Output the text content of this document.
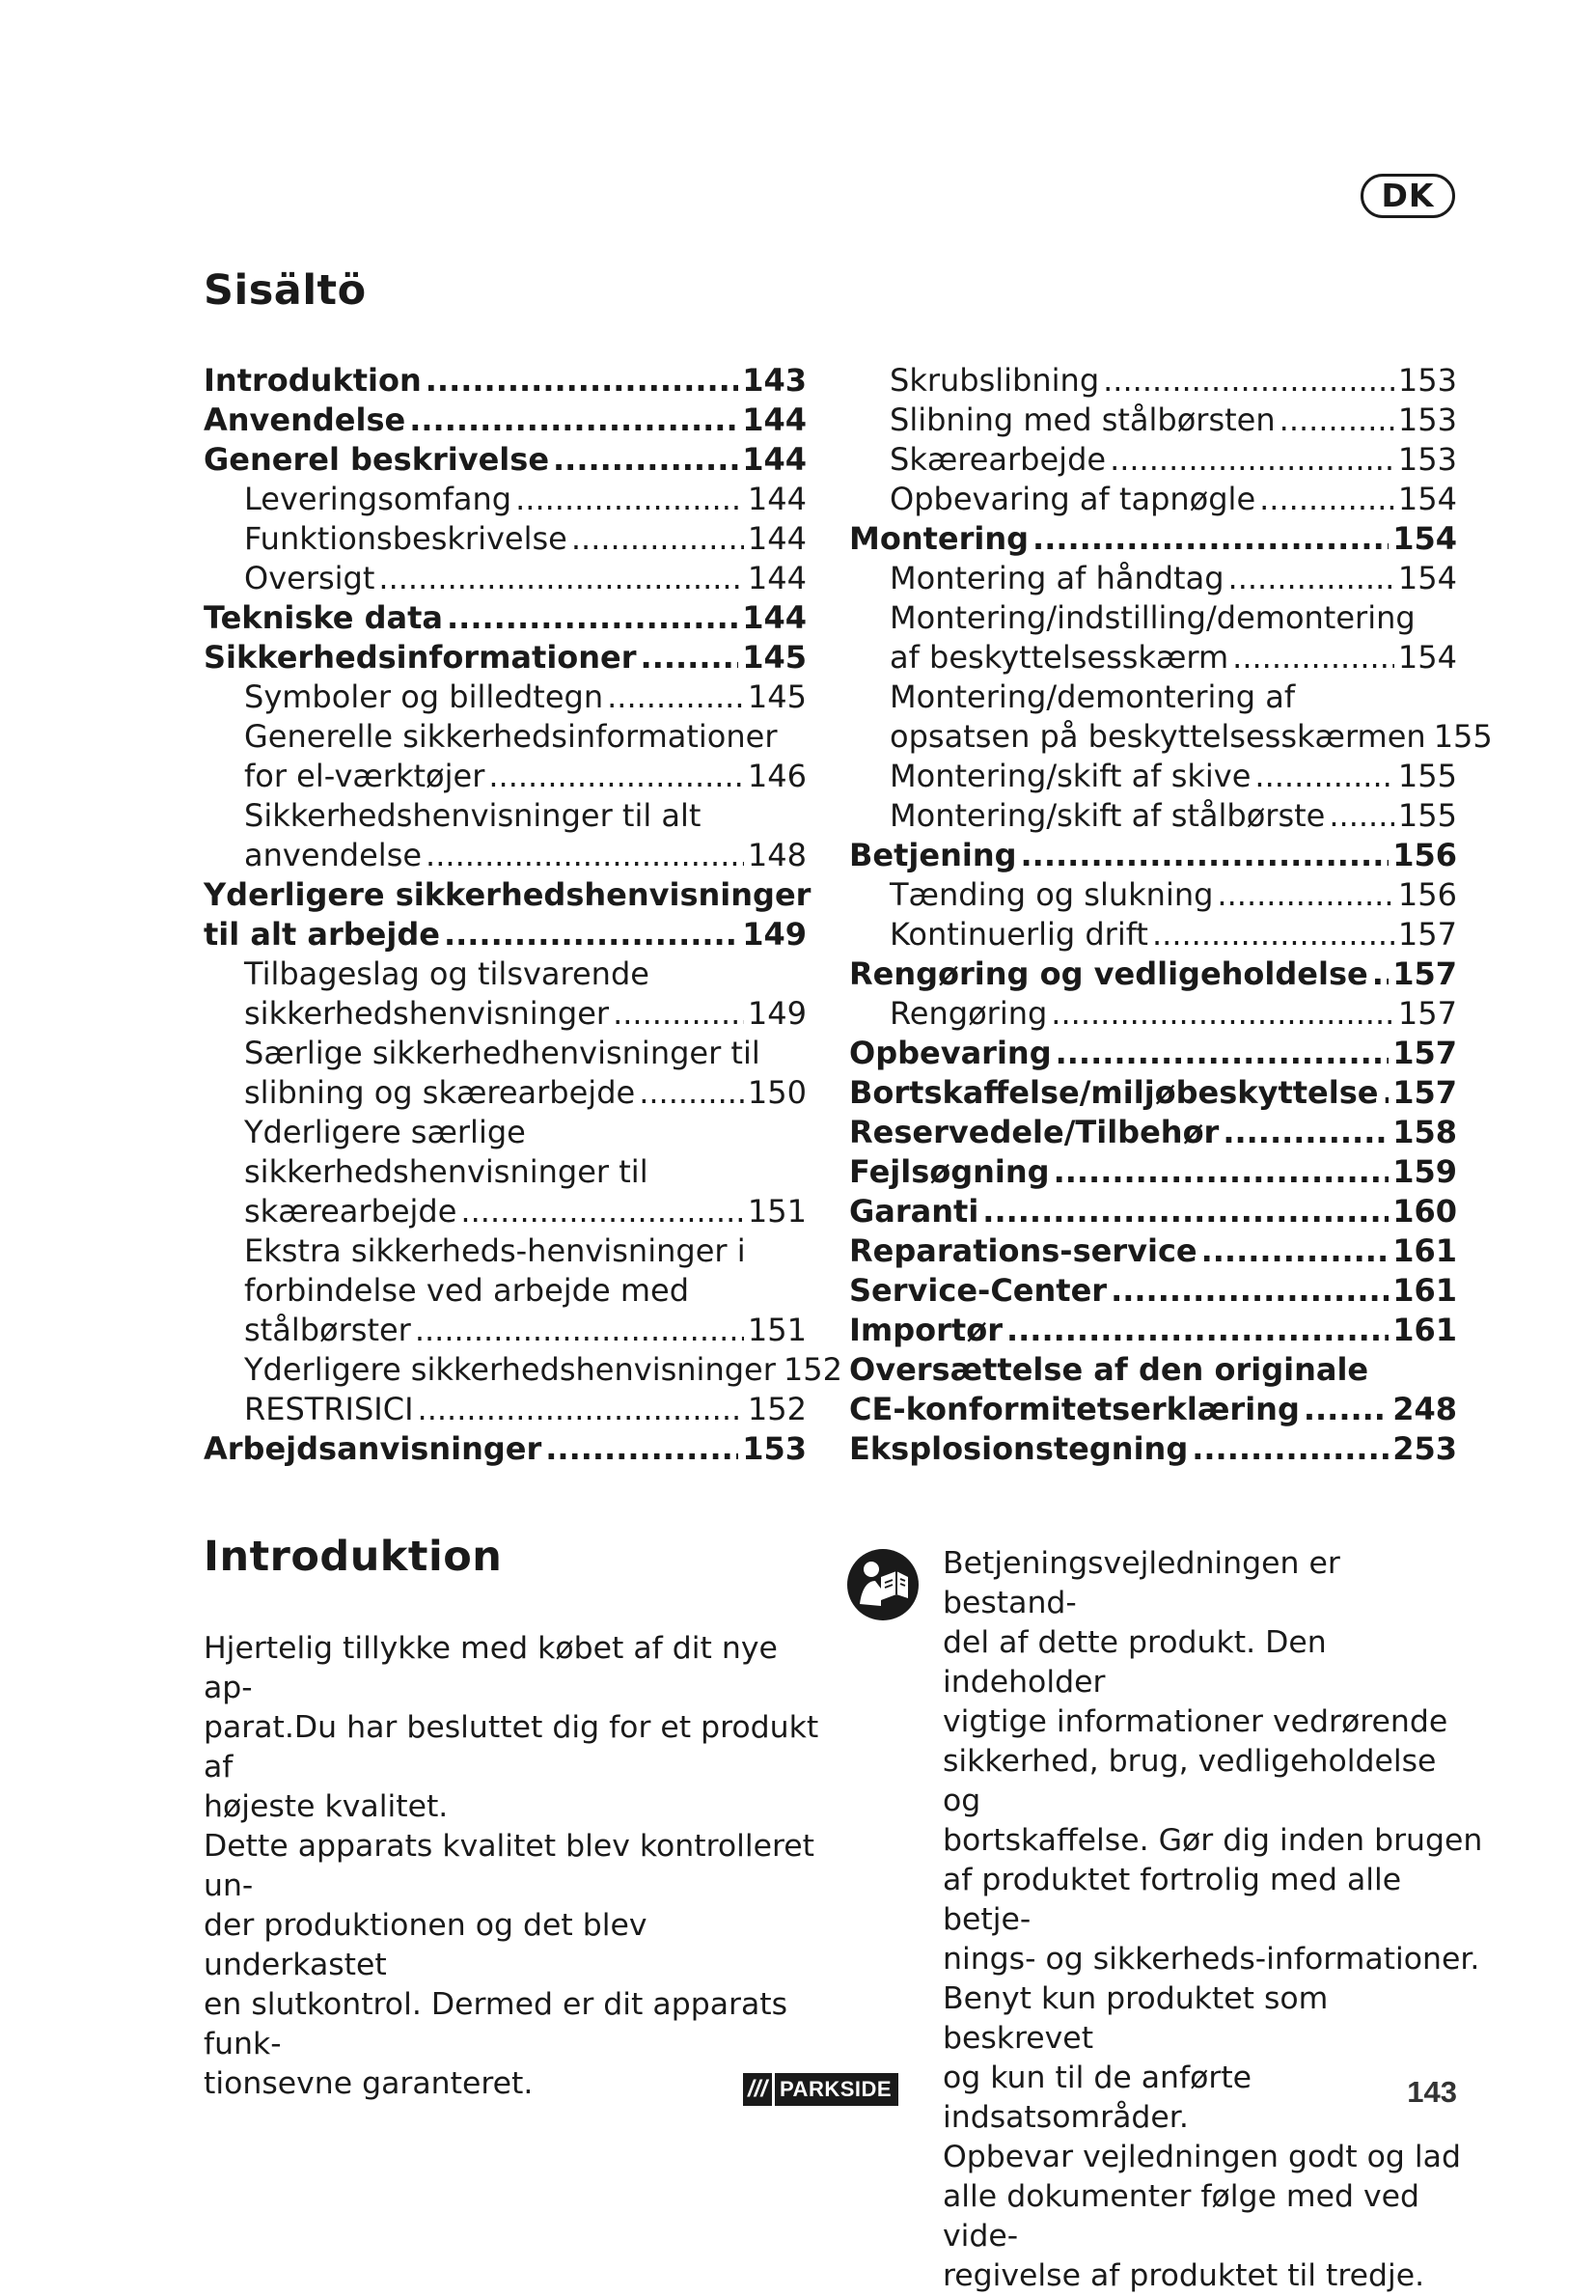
DK
Sisältö
Introduktion .....	143
Anvendelse .....	144
Generel beskrivelse .....	144
Leveringsomfang .....	144
Funktionsbeskrivelse .....	144
Oversigt .....	144
Tekniske data .....	144
Sikkerhedsinformationer .....	145
Symboler og billedtegn .....	145
Generelle sikkerhedsinformationer
for el-værktøjer .....	146
Sikkerhedshenvisninger til alt
anvendelse .....	148
Yderligere sikkerhedshenvisninger
til alt arbejde .....	149
Tilbageslag og tilsvarende
sikkerhedshenvisninger .....	149
Særlige sikkerhedhenvisninger til
slibning og skærearbejde .....	150
Yderligere særlige
sikkerhedshenvisninger til
skærearbejde .....	151
Ekstra sikkerheds-henvisninger i
forbindelse ved arbejde med
stålbørster .....	151
Yderligere sikkerhedshenvisninger 152
RESTRISICI .....	152
Arbejdsanvisninger .....	153
Skrubslibning .....	153
Slibning med stålbørsten .....	153
Skærearbejde .....	153
Opbevaring af tapnøgle .....	154
Montering .....	154
Montering af håndtag .....	154
Montering/indstilling/demontering
af beskyttelsesskærm .....	154
Montering/demontering af
opsatsen på beskyttelsesskærmen 155
Montering/skift af skive .....	155
Montering/skift af stålbørste ..... 155
Betjening .....	156
Tænding og slukning .....	156
Kontinuerlig drift .....	157
Rengøring og vedligeholdelse ..... 157
Rengøring .....	157
Opbevaring .....	157
Bortskaffelse/miljøbeskyttelse ..... 157
Reservedele/Tilbehør .....	158
Fejlsøgning .....	159
Garanti .....	160
Reparations-service .....	161
Service-Center .....	161
Importør .....	161
Oversættelse af den originale
CE-konformitetserklæring .....	248
Eksplosionstegning .....	253
Introduktion

Hjertelig tillykke med købet af dit nye ap-
parat.Du har besluttet dig for et produkt af
højeste kvalitet.
Dette apparats kvalitet blev kontrolleret un-
der produktionen og det blev underkastet
en slutkontrol. Dermed er dit apparats funk-
tionsevne garanteret.

Betjeningsvejledningen er bestand-
del af dette produkt. Den indeholder
vigtige informationer vedrørende
sikkerhed, brug, vedligeholdelse og
bortskaffelse. Gør dig inden brugen
af produktet fortrolig med alle betje-
nings- og sikkerheds-informationer.
Benyt kun produktet som beskrevet
og kun til de anførte indsatsområder.
Opbevar vejledningen godt og lad
alle dokumenter følge med ved vide-
regivelse af produktet til tredje.

/// PARKSIDE	143
